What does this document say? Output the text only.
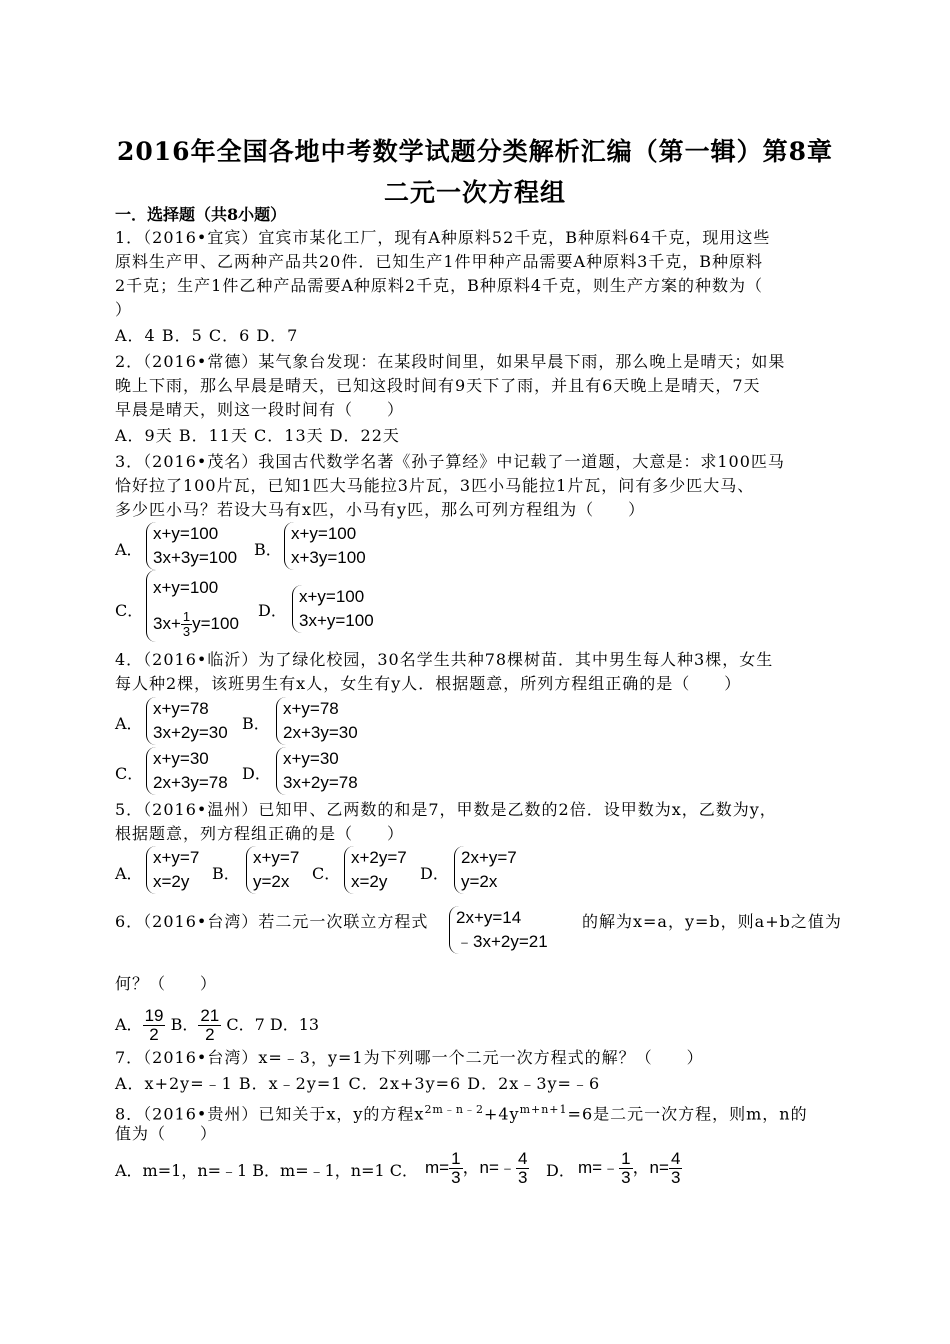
2016年全国各地中考数学试题分类解析汇编（第一辑）第8章
二元一次方程组
一．选择题（共8小题）
1．（2016•宜宾）宜宾市某化工厂，现有A种原料52千克，B种原料64千克，现用这些
原料生产甲、乙两种产品共20件．已知生产1件甲种产品需要A种原料3千克，B种原料
2千克；生产1件乙种产品需要A种原料2千克，B种原料4千克，则生产方案的种数为（
）
A．4 B．5 C．6 D．7
2．（2016•常德）某气象台发现：在某段时间里，如果早晨下雨，那么晚上是晴天；如果
晚上下雨，那么早晨是晴天，已知这段时间有9天下了雨，并且有6天晚上是晴天，7天
早晨是晴天，则这一段时间有（　　）
A．9天 B．11天 C．13天 D．22天
3．（2016•茂名）我国古代数学名著《孙子算经》中记载了一道题，大意是：求100匹马
恰好拉了100片瓦，已知1匹大马能拉3片瓦，3匹小马能拉1片瓦，问有多少匹大马、
多少匹小马？若设大马有x匹，小马有y匹，那么可列方程组为（　　）
A．
x+y=100
3x+3y=100 B．
x+y=100
x+3y=100
C．
x+y=100
$3x+ \frac{1}{3} y=100$
D．
x+y=100
3x+y=100
4．（2016•临沂）为了绿化校园，30名学生共种78棵树苗．其中男生每人种3棵，女生
每人种2棵，该班男生有x人，女生有y人．根据题意，所列方程组正确的是（　　）
A．
x+y=78
3x+2y=30 B．
x+y=78
2x+3y=30
C．
x+y=30
2x+3y=78 D．
x+y=30
3x+2y=78
5．（2016•温州）已知甲、乙两数的和是7，甲数是乙数的2倍．设甲数为x，乙数为y，
根据题意，列方程组正确的是（　　）
A．
x+y=7
x=2y	B．
x+y=7
y=2x	C．
x+2y=7
x=2y	D．
2x+y=7
y=2x
6．（2016•台湾）若二元一次联立方程式 2x+y=14
﹣3x+2y=21
的解为x=a，y=b，则a+b之值为
何？（　　）
A． $\frac{19}{2}$ B． $\frac{21}{2}$ C．7 D．13
7．（2016•台湾）x=﹣3，y=1为下列哪一个二元一次方程式的解？（　　）
A．x+2y=﹣1 B．x﹣2y=1 C．2x+3y=6 D．2x﹣3y=﹣6
8．（2016•贵州）已知关于x，y的方程$x^{2m﹣n﹣2}+4y^{m+n+1}=6$是二元一次方程，则m，n的
值为（　　）
A．m=1，n=﹣1 B．m=﹣1，n=1 C． $m= \frac{1}{3}$ ，n=﹣ $\frac{4}{3}$ D． m=﹣ $\frac{1}{3}$ ，$n= \frac{4}{3}$
